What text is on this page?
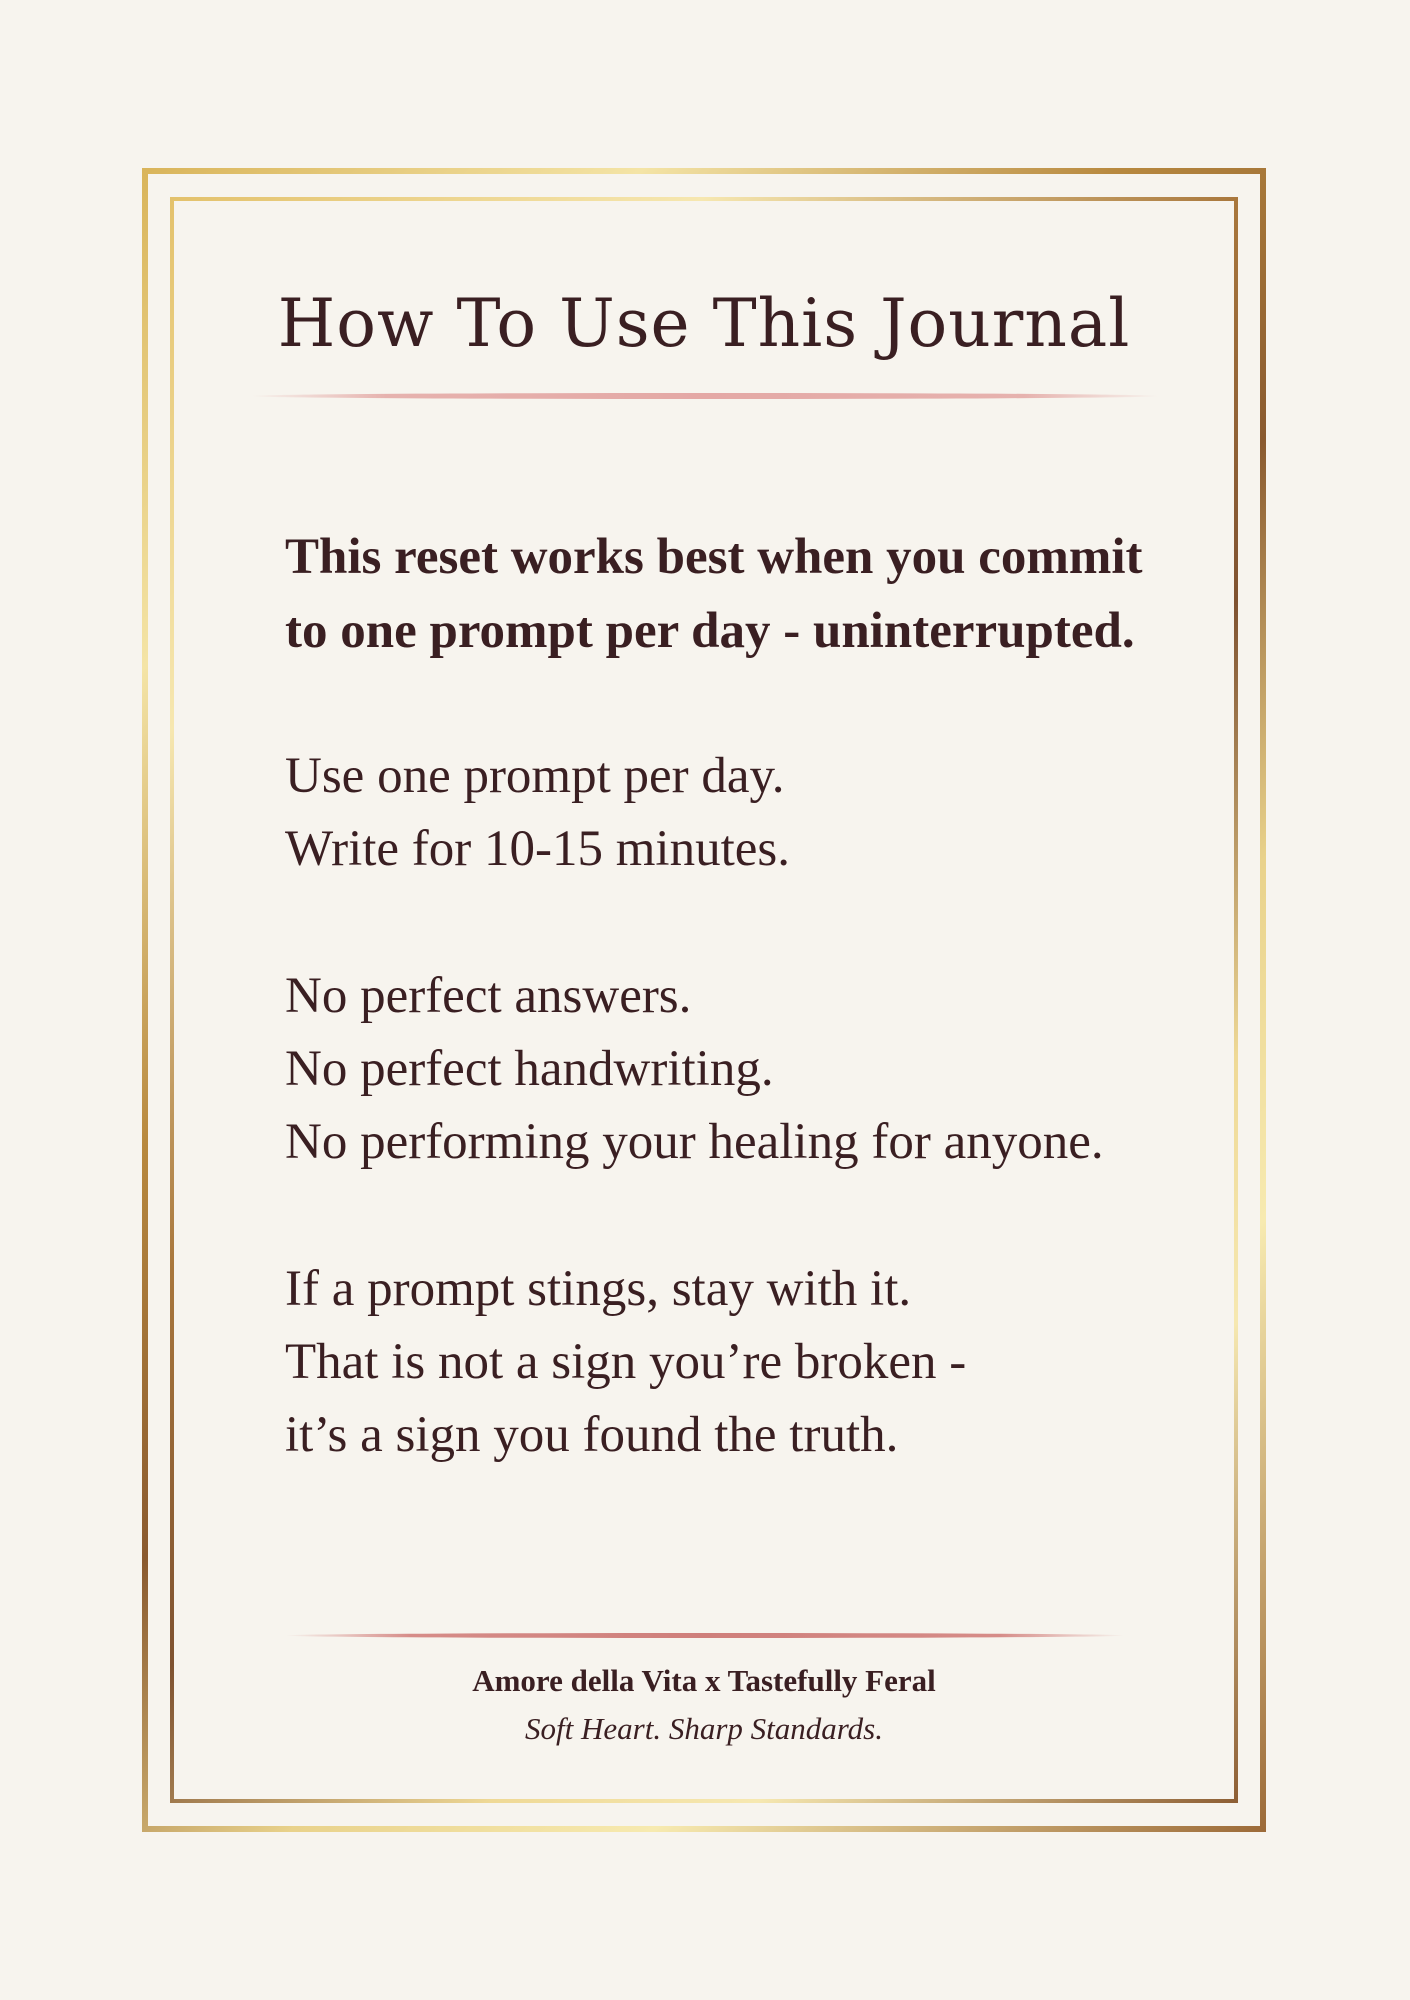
How To Use This Journal

This reset works best when you commit
to one prompt per day - uninterrupted.

Use one prompt per day.
Write for 10-15 minutes.

No perfect answers.
No perfect handwriting.
No performing your healing for anyone.

If a prompt stings, stay with it.
That is not a sign you’re broken -
it’s a sign you found the truth.

Amore della Vita x Tastefully Feral
Soft Heart. Sharp Standards.
